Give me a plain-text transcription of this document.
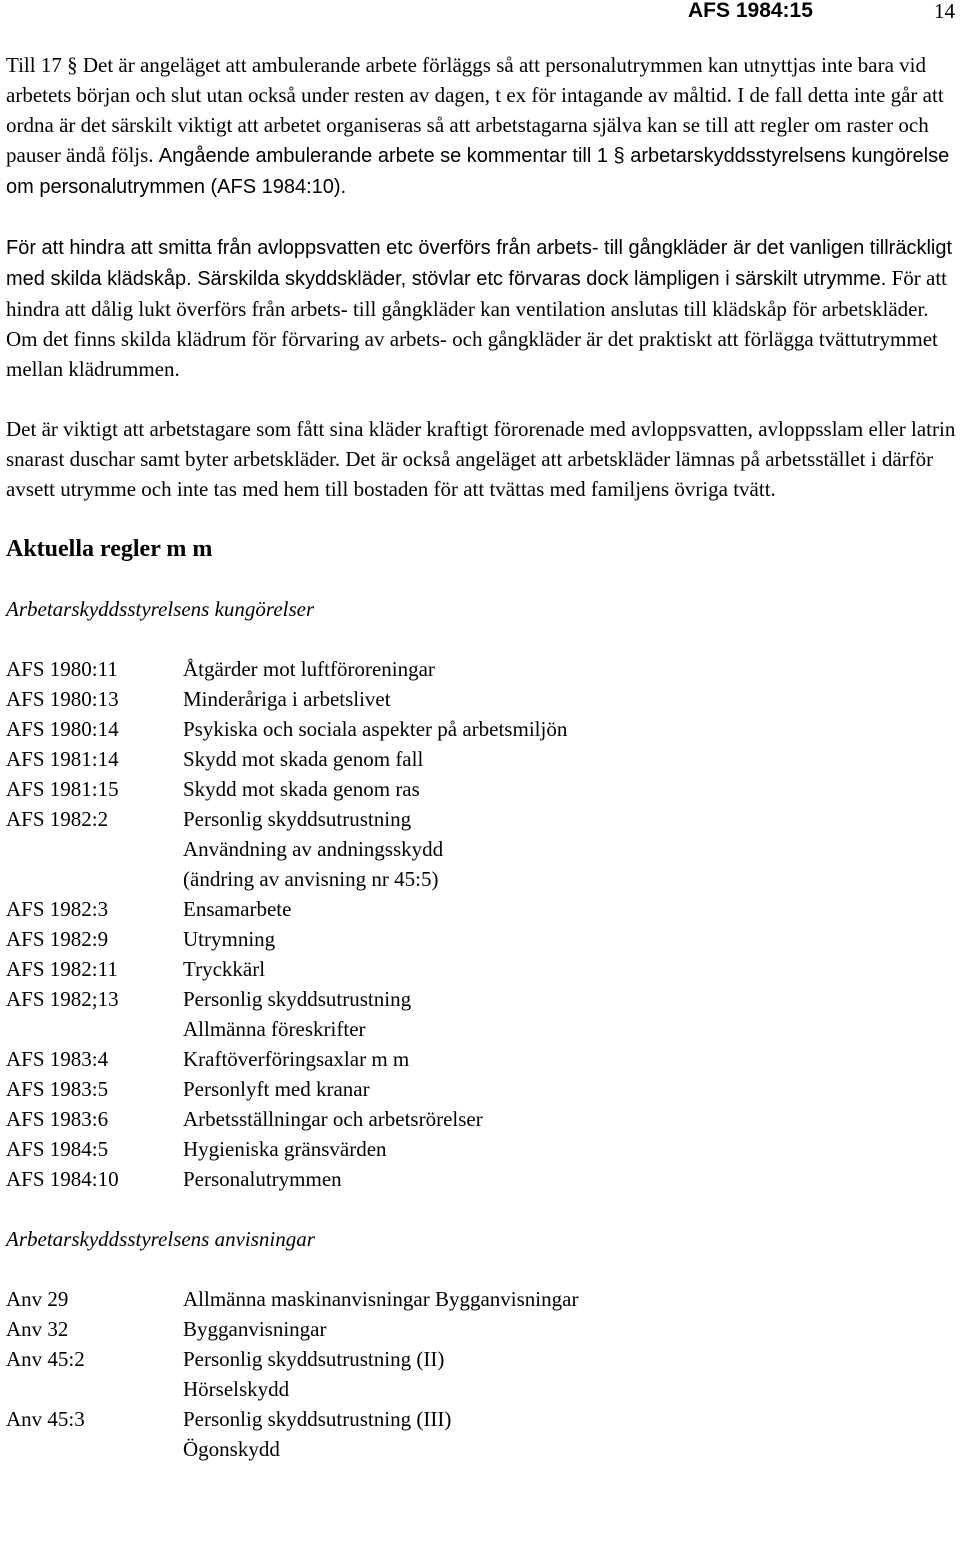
AFS 1984:15	14

Till 17 § Det är angeläget att ambulerande arbete förläggs så att personalutrymmen kan utnyttjas inte bara vid arbetets början och slut utan också under resten av dagen, t ex för intagande av måltid. I de fall detta inte går att ordna är det särskilt viktigt att arbetet organiseras så att arbetstagarna själva kan se till att regler om raster och pauser ändå följs. Angående ambulerande arbete se kommentar till 1 § arbetarskyddsstyrelsens kungörelse om personalutrymmen (AFS 1984:10).

För att hindra att smitta från avloppsvatten etc överförs från arbets- till gångkläder är det vanligen tillräckligt med skilda klädskåp. Särskilda skyddskläder, stövlar etc förvaras dock lämpligen i särskilt utrymme. För att hindra att dålig lukt överförs från arbets- till gångkläder kan ventilation anslutas till klädskåp för arbetskläder. Om det finns skilda klädrum för förvaring av arbets- och gångkläder är det praktiskt att förlägga tvättutrymmet mellan klädrummen.

Det är viktigt att arbetstagare som fått sina kläder kraftigt förorenade med avloppsvatten, avloppsslam eller latrin snarast duschar samt byter arbetskläder. Det är också angeläget att arbetskläder lämnas på arbetsstället i därför avsett utrymme och inte tas med hem till bostaden för att tvättas med familjens övriga tvätt.

Aktuella regler m m
Arbetarskyddsstyrelsens kungörelser
AFS 1980:11	Åtgärder mot luftföroreningar
AFS 1980:13	Minderåriga i arbetslivet
AFS 1980:14	Psykiska och sociala aspekter på arbetsmiljön
AFS 1981:14	Skydd mot skada genom fall
AFS 1981:15	Skydd mot skada genom ras
AFS 1982:2	Personlig skyddsutrustning
Användning av andningsskydd
(ändring av anvisning nr 45:5)
AFS 1982:3	Ensamarbete
AFS 1982:9	Utrymning
AFS 1982:11	Tryckkärl
AFS 1982;13	Personlig skyddsutrustning
Allmänna föreskrifter
AFS 1983:4	Kraftöverföringsaxlar m m
AFS 1983:5	Personlyft med kranar
AFS 1983:6	Arbetsställningar och arbetsrörelser
AFS 1984:5	Hygieniska gränsvärden
AFS 1984:10	Personalutrymmen
Arbetarskyddsstyrelsens anvisningar
Anv 29	Allmänna maskinanvisningar Bygganvisningar
Anv 32	Bygganvisningar
Anv 45:2	Personlig skyddsutrustning (II)
Hörselskydd
Anv 45:3	Personlig skyddsutrustning (III)
Ögonskydd
